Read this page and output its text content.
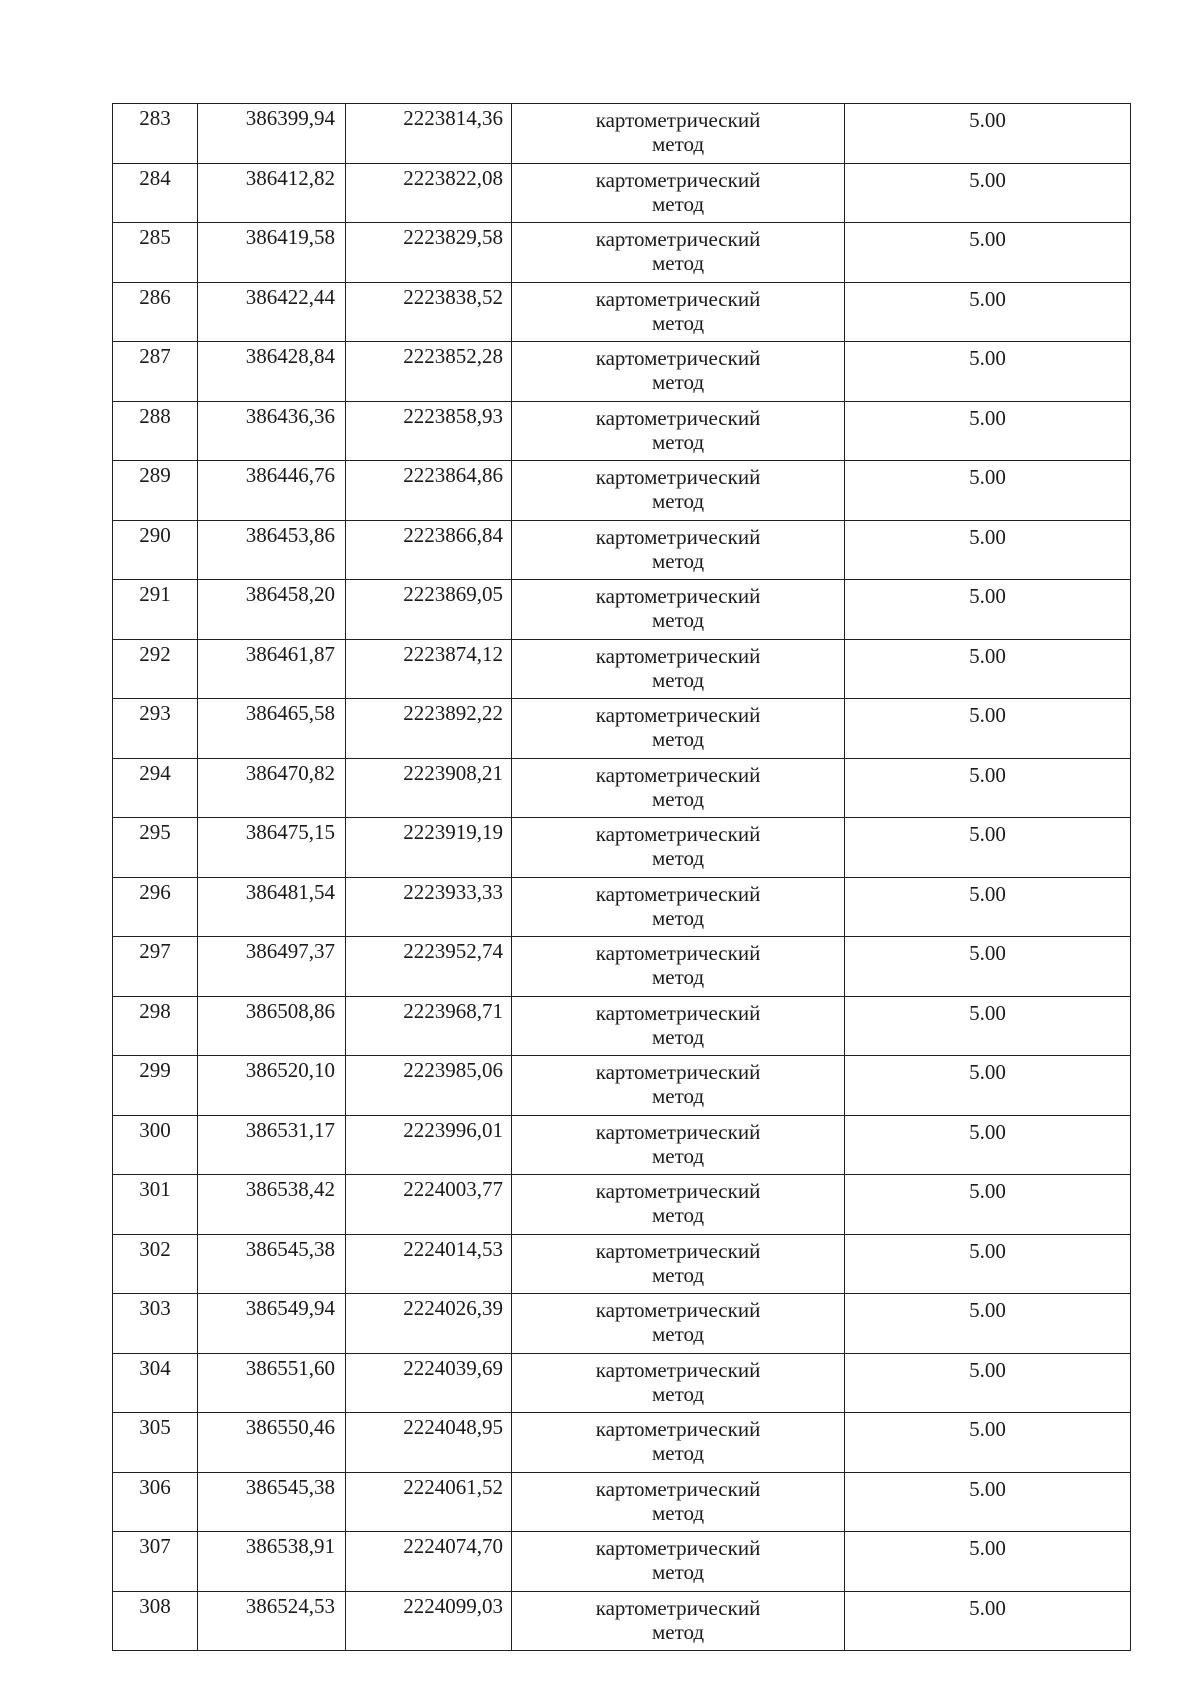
283	386399,94	2223814,36	картометрический
метод	5.00
284	386412,82	2223822,08	картометрический
метод	5.00
285	386419,58	2223829,58	картометрический
метод	5.00
286	386422,44	2223838,52	картометрический
метод	5.00
287	386428,84	2223852,28	картометрический
метод	5.00
288	386436,36	2223858,93	картометрический
метод	5.00
289	386446,76	2223864,86	картометрический
метод	5.00
290	386453,86	2223866,84	картометрический
метод	5.00
291	386458,20	2223869,05	картометрический
метод	5.00
292	386461,87	2223874,12	картометрический
метод	5.00
293	386465,58	2223892,22	картометрический
метод	5.00
294	386470,82	2223908,21	картометрический
метод	5.00
295	386475,15	2223919,19	картометрический
метод	5.00
296	386481,54	2223933,33	картометрический
метод	5.00
297	386497,37	2223952,74	картометрический
метод	5.00
298	386508,86	2223968,71	картометрический
метод	5.00
299	386520,10	2223985,06	картометрический
метод	5.00
300	386531,17	2223996,01	картометрический
метод	5.00
301	386538,42	2224003,77	картометрический
метод	5.00
302	386545,38	2224014,53	картометрический
метод	5.00
303	386549,94	2224026,39	картометрический
метод	5.00
304	386551,60	2224039,69	картометрический
метод	5.00
305	386550,46	2224048,95	картометрический
метод	5.00
306	386545,38	2224061,52	картометрический
метод	5.00
307	386538,91	2224074,70	картометрический
метод	5.00
308	386524,53	2224099,03	картометрический
метод	5.00
